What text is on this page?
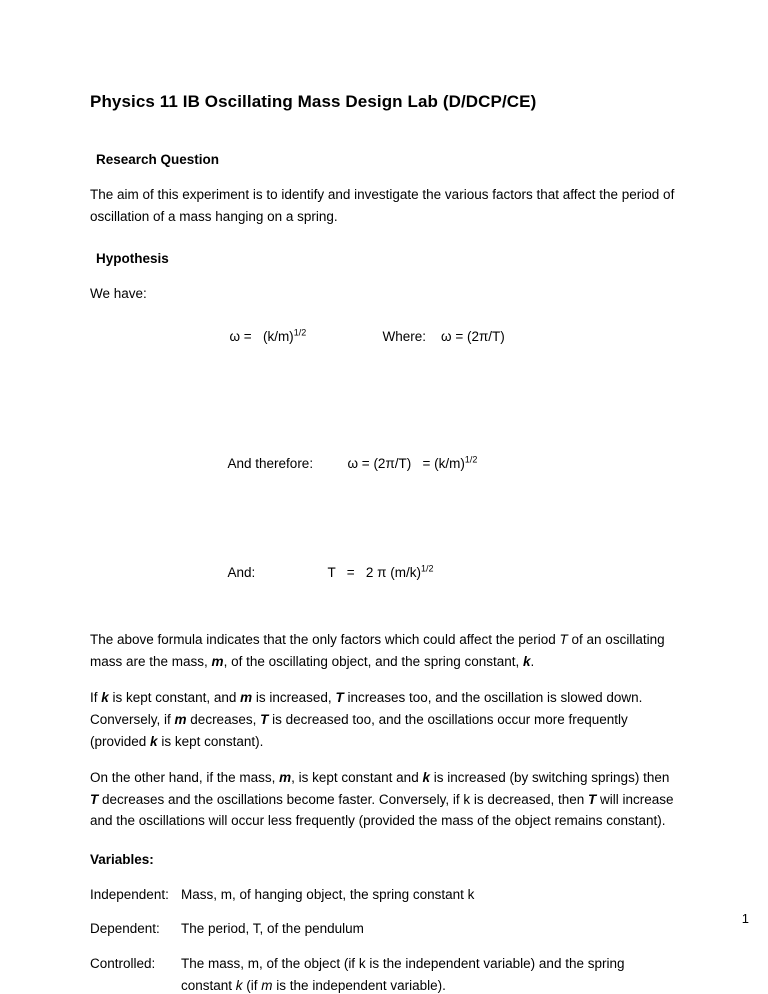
Physics 11 IB Oscillating Mass Design Lab (D/DCP/CE)
Research Question

The aim of this experiment is to identify and investigate the various factors that affect the period of oscillation of a mass hanging on a spring.

Hypothesis

We have:

$\omega = (k/m)^{1/2}$	Where:    ω = (2π/T)

And therefore:	$\omega = (2\pi/T) = (k/m)^{1/2}$

And:	T   =   2 π $(m/k)^{1/2}$

The above formula indicates that the only factors which could affect the period T of an oscillating mass are the mass, m, of the oscillating object, and the spring constant, k.

If k is kept constant, and m is increased, T increases too, and the oscillation is slowed down. Conversely, if m decreases, T is decreased too, and the oscillations occur more frequently (provided k is kept constant).

On the other hand, if the mass, m, is kept constant and k is increased (by switching springs) then T decreases and the oscillations become faster. Conversely, if k is decreased, then T will increase and the oscillations will occur less frequently (provided the mass of the object remains constant).

Variables:
Independent: Mass, m, of hanging object, the spring constant k
Dependent:	The period, T, of the pendulum
Controlled:	The mass, m, of the object (if k is the independent variable) and the spring constant k (if m is the independent variable).
1
